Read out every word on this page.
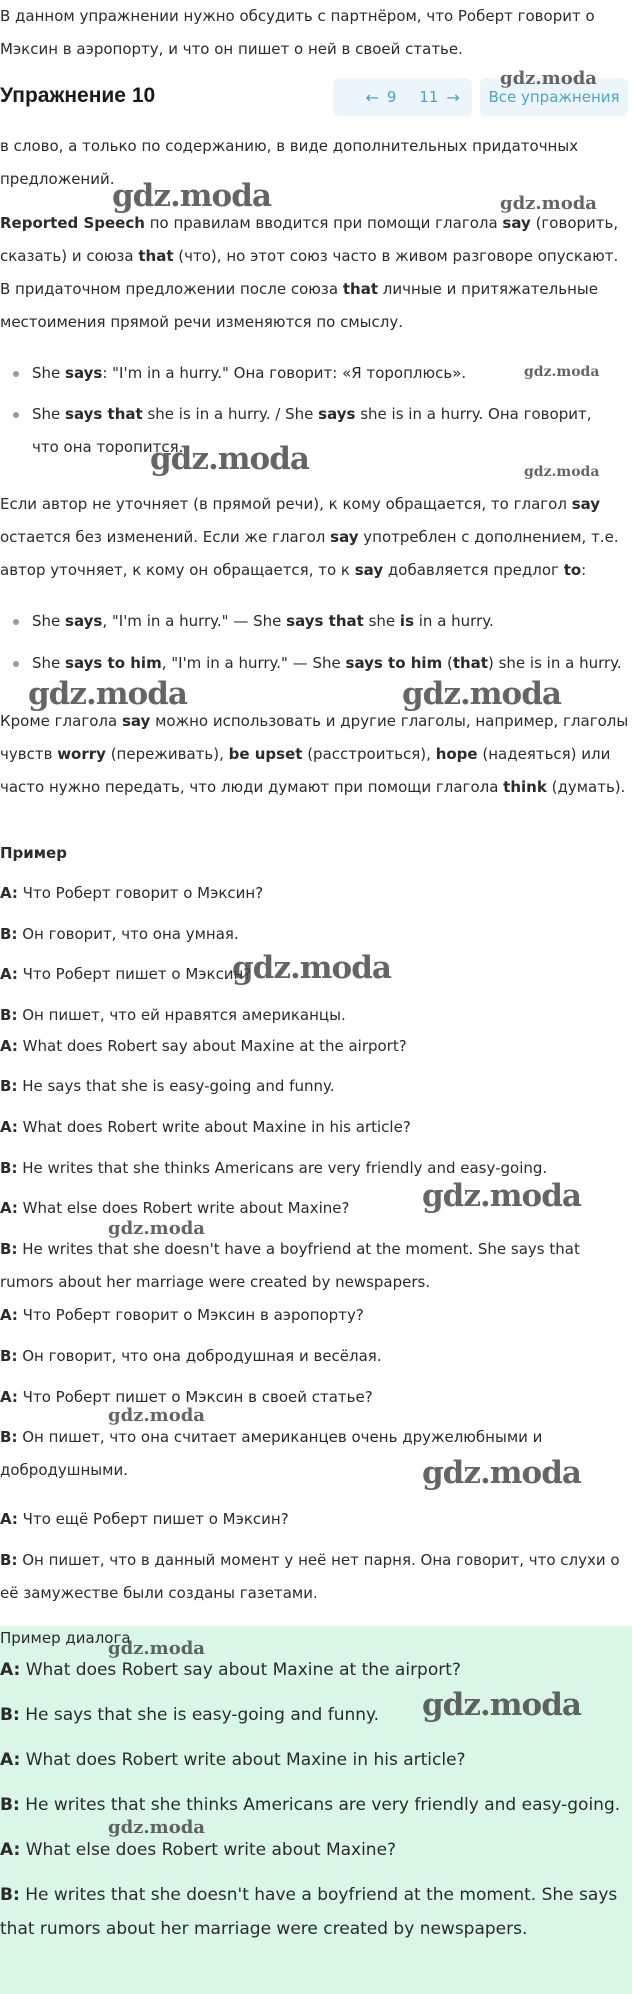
В данном упражнении нужно обсудить с партнёром, что Роберт говорит о Мэксин в аэропорту, и что он пишет о ней в своей статье.

Упражнение 10	← 9 11 → Все упражнения

в слово, а только по содержанию, в виде дополнительных придаточных предложений.

Reported Speech по правилам вводится при помощи глагола say (говорить, сказать) и союза that (что), но этот союз часто в живом разговоре опускают. В придаточном предложении после союза that личные и притяжательные местоимения прямой речи изменяются по смыслу.

She says: "I'm in a hurry." Она говорит: «Я тороплюсь».
She says that she is in a hurry. / She says she is in a hurry. Она говорит, что она торопится.

Если автор не уточняет (в прямой речи), к кому обращается, то глагол say остается без изменений. Если же глагол say употреблен с дополнением, т.е. автор уточняет, к кому он обращается, то к say добавляется предлог to:

She says, "I'm in a hurry." — She says that she is in a hurry.
She says to him, "I'm in a hurry." — She says to him (that) she is in a hurry.

Кроме глагола say можно использовать и другие глаголы, например, глаголы чувств worry (переживать), be upset (расстроиться), hope (надеяться) или часто нужно передать, что люди думают при помощи глагола think (думать).

Пример

A: Что Роберт говорит о Мэксин?

B: Он говорит, что она умная.

A: Что Роберт пишет о Мэксин?

B: Он пишет, что ей нравятся американцы.

A: What does Robert say about Maxine at the airport?

B: He says that she is easy-going and funny.

A: What does Robert write about Maxine in his article?

B: He writes that she thinks Americans are very friendly and easy-going.

A: What else does Robert write about Maxine?

B: He writes that she doesn't have a boyfriend at the moment. She says that rumors about her marriage were created by newspapers.

A: Что Роберт говорит о Мэксин в аэропорту?

B: Он говорит, что она добродушная и весёлая.

A: Что Роберт пишет о Мэксин в своей статье?

B: Он пишет, что она считает американцев очень дружелюбными и добродушными.

A: Что ещё Роберт пишет о Мэксин?

B: Он пишет, что в данный момент у неё нет парня. Она говорит, что слухи о её замужестве были созданы газетами.

Пример диалога

A: What does Robert say about Maxine at the airport?

B: He says that she is easy-going and funny.

A: What does Robert write about Maxine in his article?

B: He writes that she thinks Americans are very friendly and easy-going.

A: What else does Robert write about Maxine?

B: He writes that she doesn't have a boyfriend at the moment. She says that rumors about her marriage were created by newspapers.

gdz.moda
gdz.moda	gdz.moda
gdz.moda
gdz.moda	gdz.moda
gdz.moda	gdz.moda
gdz.moda
gdz.moda
gdz.moda
gdz.moda
gdz.moda
gdz.moda
gdz.moda
gdz.moda
